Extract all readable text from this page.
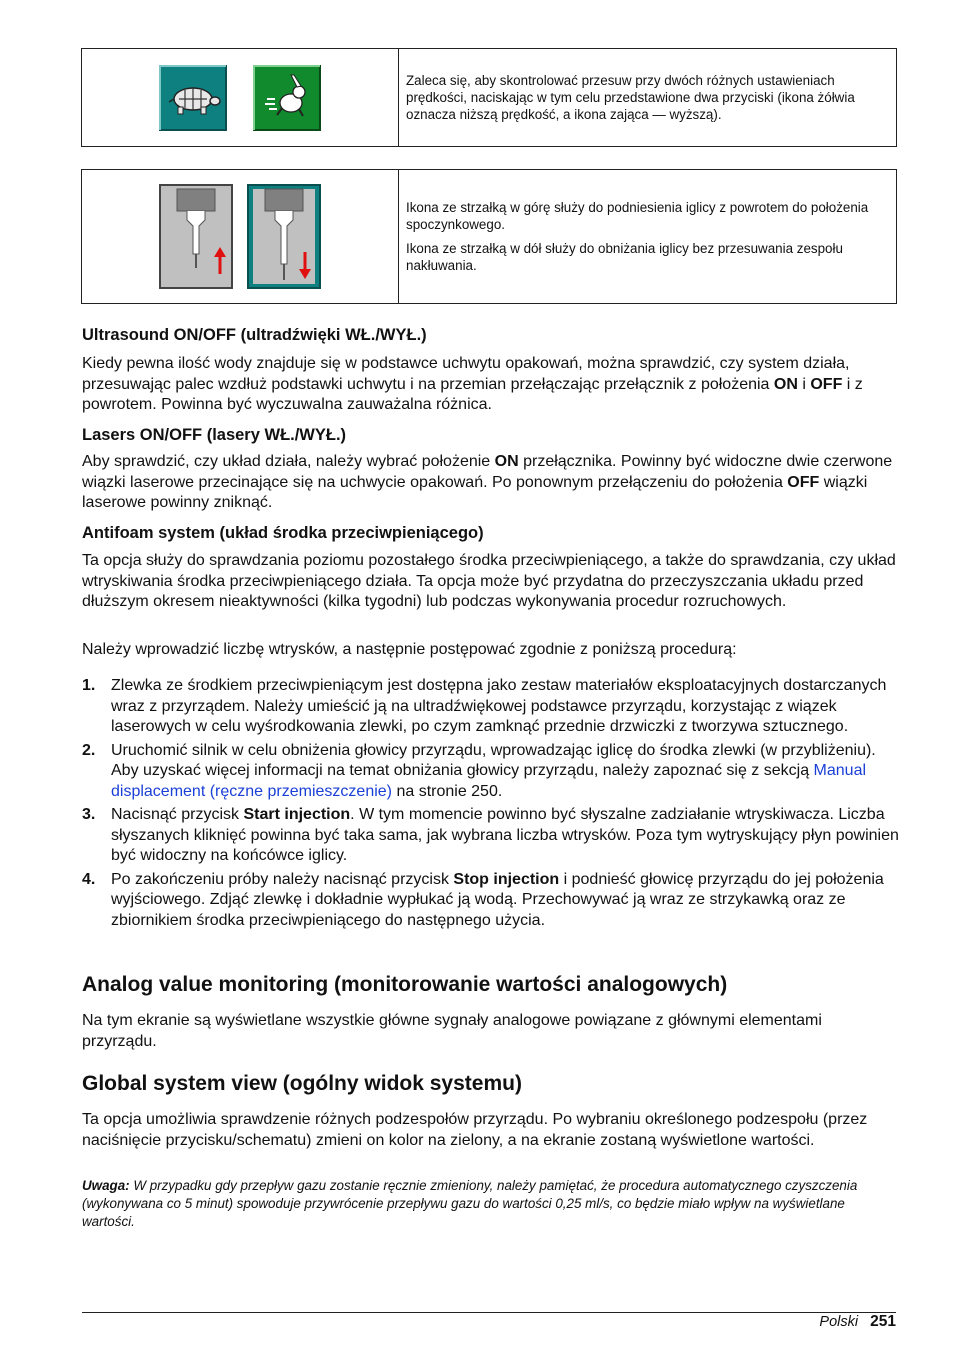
Zaleca się, aby skontrolować przesuw przy dwóch różnych ustawieniach prędkości, naciskając w tym celu przedstawione dwa przyciski (ikona żółwia oznacza niższą prędkość, a ikona zająca — wyższą).

Ikona ze strzałką w górę służy do podniesienia iglicy z powrotem do położenia spoczynkowego.

Ikona ze strzałką w dół służy do obniżania iglicy bez przesuwania zespołu nakłuwania.

Ultrasound ON/OFF (ultradźwięki WŁ./WYŁ.)

Kiedy pewna ilość wody znajduje się w podstawce uchwytu opakowań, można sprawdzić, czy system działa, przesuwając palec wzdłuż podstawki uchwytu i na przemian przełączając przełącznik z położenia ON i OFF i z powrotem. Powinna być wyczuwalna zauważalna różnica.

Lasers ON/OFF (lasery WŁ./WYŁ.)

Aby sprawdzić, czy układ działa, należy wybrać położenie ON przełącznika. Powinny być widoczne dwie czerwone wiązki laserowe przecinające się na uchwycie opakowań. Po ponownym przełączeniu do położenia OFF wiązki laserowe powinny zniknąć.

Antifoam system (układ środka przeciwpieniącego)

Ta opcja służy do sprawdzania poziomu pozostałego środka przeciwpieniącego, a także do sprawdzania, czy układ wtryskiwania środka przeciwpieniącego działa. Ta opcja może być przydatna do przeczyszczania układu przed dłuższym okresem nieaktywności (kilka tygodni) lub podczas wykonywania procedur rozruchowych.

Należy wprowadzić liczbę wtrysków, a następnie postępować zgodnie z poniższą procedurą:

1. Zlewka ze środkiem przeciwpieniącym jest dostępna jako zestaw materiałów eksploatacyjnych dostarczanych wraz z przyrządem. Należy umieścić ją na ultradźwiękowej podstawce przyrządu, korzystając z wiązek laserowych w celu wyśrodkowania zlewki, po czym zamknąć przednie drzwiczki z tworzywa sztucznego.
2. Uruchomić silnik w celu obniżenia głowicy przyrządu, wprowadzając iglicę do środka zlewki (w przybliżeniu). Aby uzyskać więcej informacji na temat obniżania głowicy przyrządu, należy zapoznać się z sekcją Manual displacement (ręczne przemieszczenie) na stronie 250.
3. Nacisnąć przycisk Start injection. W tym momencie powinno być słyszalne zadziałanie wtryskiwacza. Liczba słyszanych kliknięć powinna być taka sama, jak wybrana liczba wtrysków. Poza tym wytryskujący płyn powinien być widoczny na końcówce iglicy.
4. Po zakończeniu próby należy nacisnąć przycisk Stop injection i podnieść głowicę przyrządu do jej położenia wyjściowego. Zdjąć zlewkę i dokładnie wypłukać ją wodą. Przechowywać ją wraz ze strzykawką oraz ze zbiornikiem środka przeciwpieniącego do następnego użycia.
Analog value monitoring (monitorowanie wartości analogowych)

Na tym ekranie są wyświetlane wszystkie główne sygnały analogowe powiązane z głównymi elementami przyrządu.

Global system view (ogólny widok systemu)

Ta opcja umożliwia sprawdzenie różnych podzespołów przyrządu. Po wybraniu określonego podzespołu (przez naciśnięcie przycisku/schematu) zmieni on kolor na zielony, a na ekranie zostaną wyświetlone wartości.

Uwaga: W przypadku gdy przepływ gazu zostanie ręcznie zmieniony, należy pamiętać, że procedura automatycznego czyszczenia (wykonywana co 5 minut) spowoduje przywrócenie przepływu gazu do wartości 0,25 ml/s, co będzie miało wpływ na wyświetlane wartości.

Polski 251
